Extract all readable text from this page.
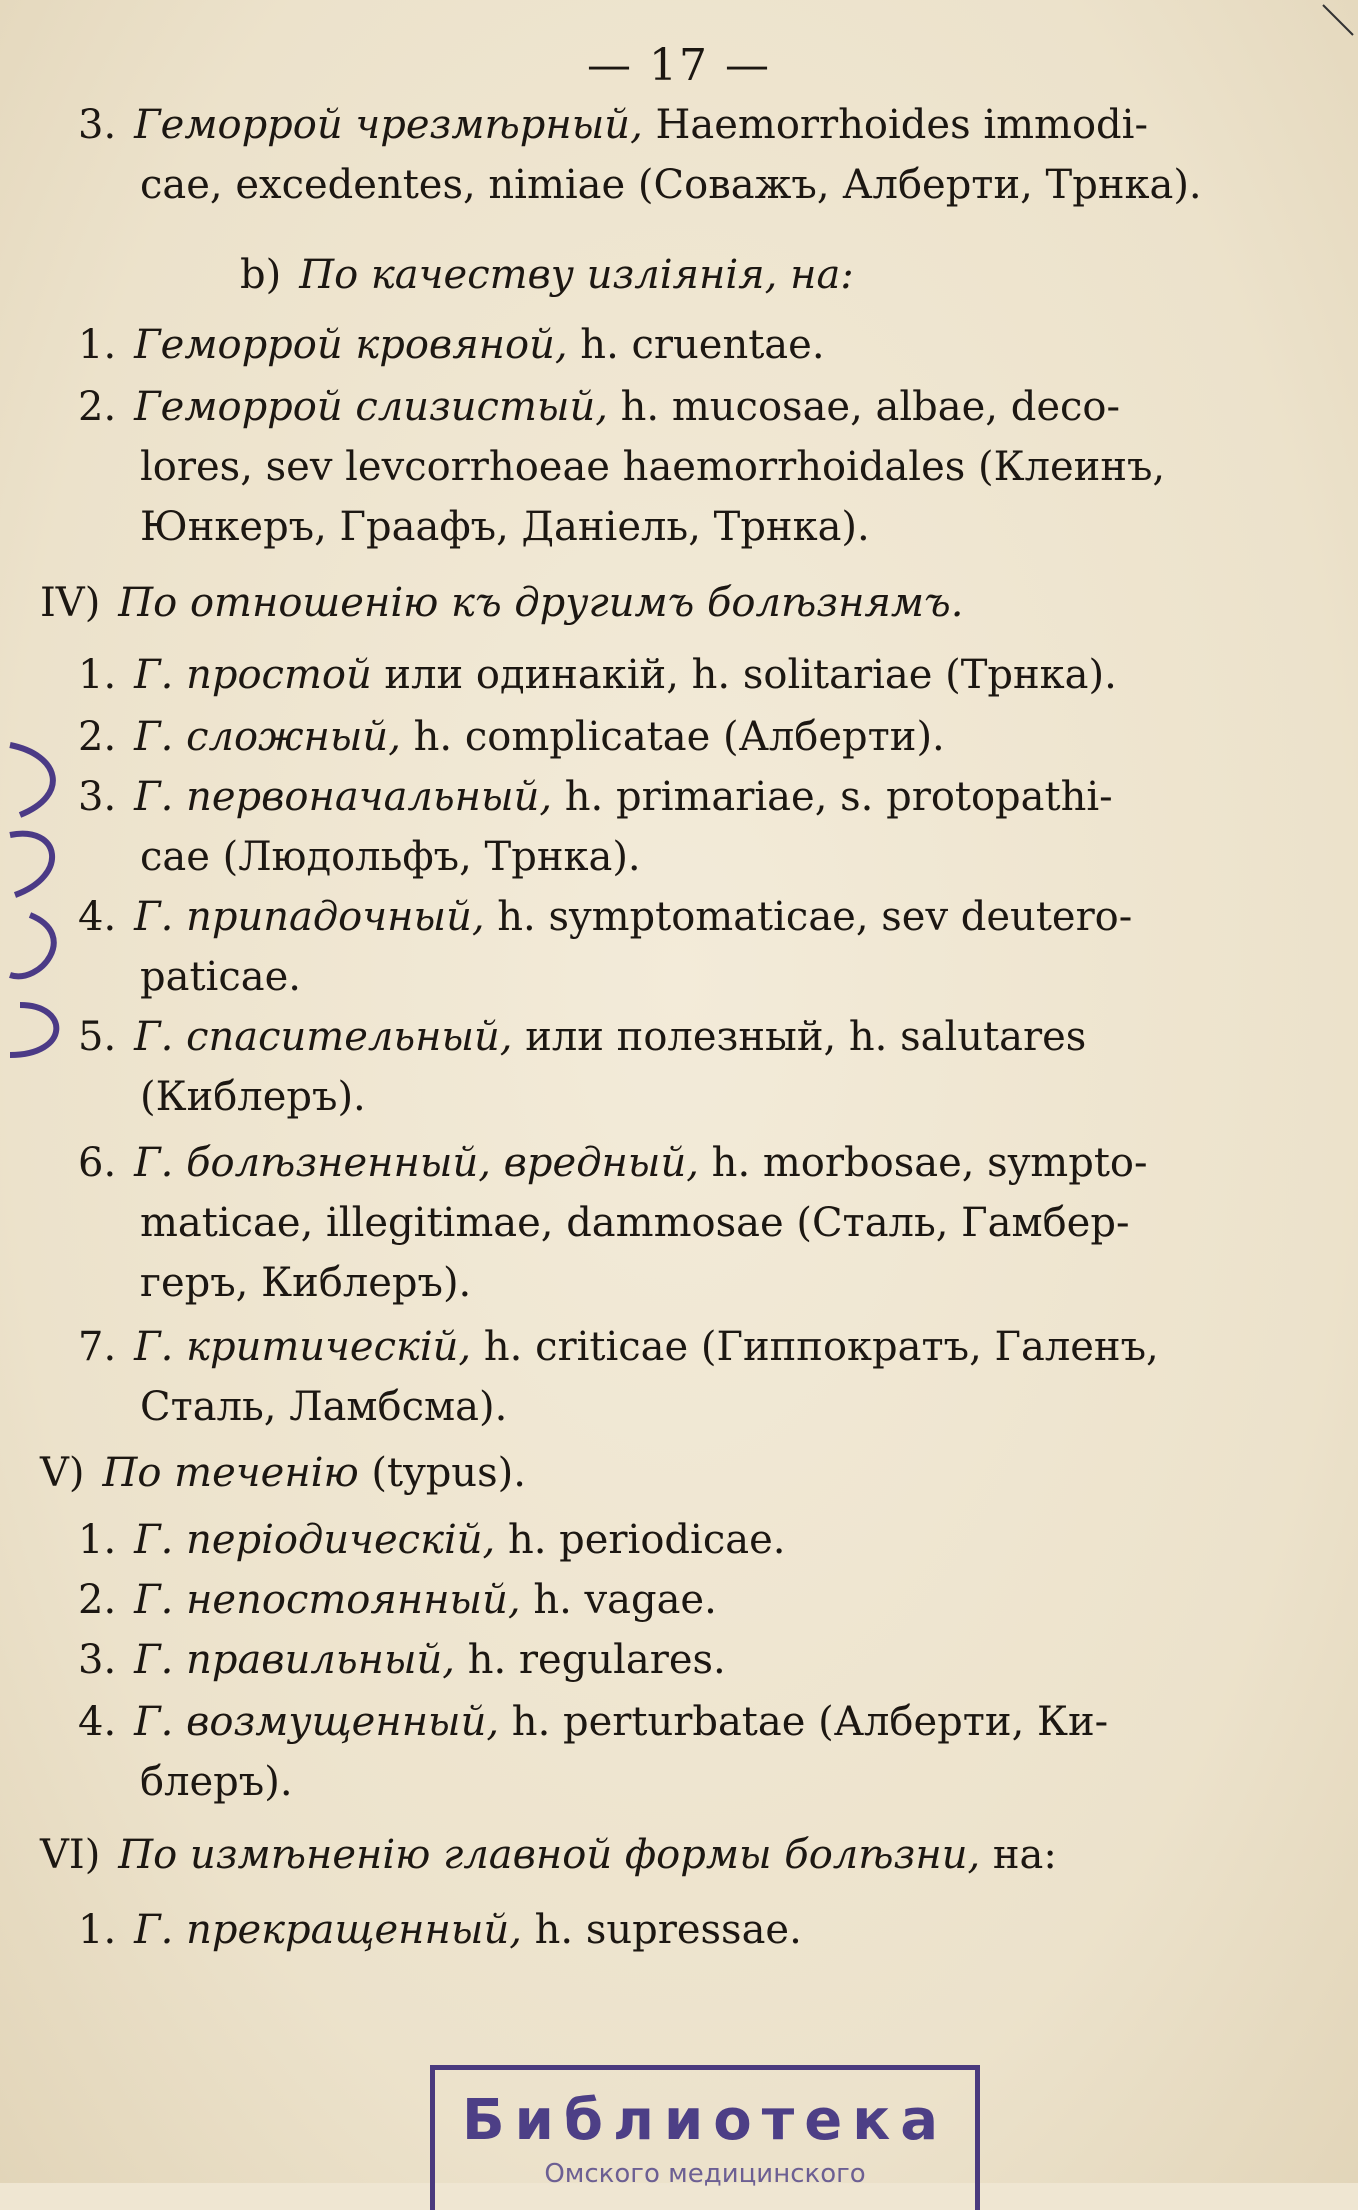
— 17 —
3. Геморрой чрезмѣрный, Haemorrhoides immodi-
cae, excedentes, nimiae (Соважъ, Алберти, Трнка).
b) По качеству изліянія, на:
1. Геморрой кровяной, h. cruentae.
2. Геморрой слизистый, h. mucosae, albae, deco-
lores, sev levcorrhoeae haemorrhoidales (Клеинъ,
Юнкеръ, Граафъ, Даніель, Трнка).
IV) По отношенію къ другимъ болѣзнямъ.
1. Г. простой или одинакій, h. solitariae (Трнка).
2. Г. сложный, h. complicatae (Алберти).
3. Г. первоначальный, h. primariae, s. protopathi-
cae (Людольфъ, Трнка).
4. Г. припадочный, h. symptomaticae, sev deutero-
paticae.
5. Г. спасительный, или полезный, h. salutares
(Киблеръ).
6. Г. болѣзненный, вредный, h. morbosae, sympto-
maticae, illegitimae, dammosae (Сталь, Гамбер-
геръ, Киблеръ).
7. Г. критическій, h. criticae (Гиппократъ, Галенъ,
Сталь, Ламбсма).
V) По теченію (typus).
1. Г. періодическій, h. periodicae.
2. Г. непостоянный, h. vagae.
3. Г. правильный, h. regulares.
4. Г. возмущенный, h. perturbatae (Алберти, Ки-
блеръ).
VI) По измѣненію главной формы болѣзни, на:
1. Г. прекращенный, h. supressae.
Библиотека
Омского медицинского
